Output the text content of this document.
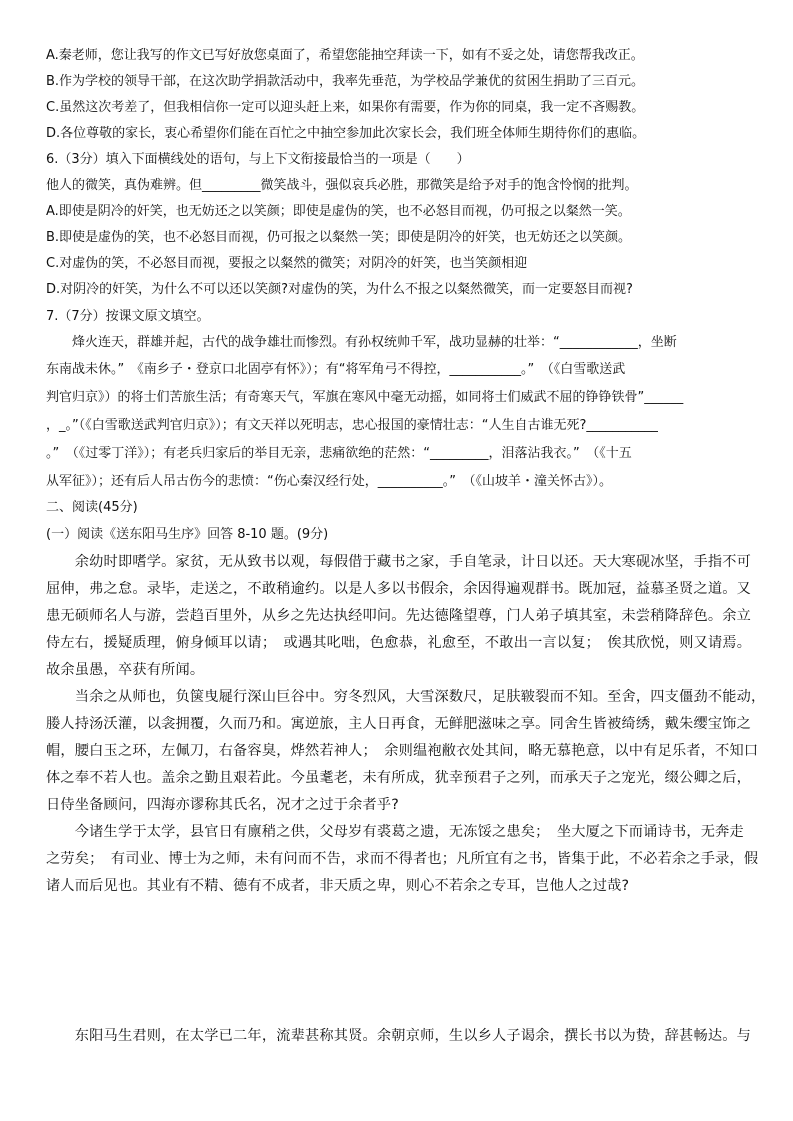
A.秦老师，您让我写的作文已写好放您桌面了，希望您能抽空拜读一下，如有不妥之处，请您帮我改正。
B.作为学校的领导干部，在这次助学捐款活动中，我率先垂范，为学校品学兼优的贫困生捐助了三百元。
C.虽然这次考差了，但我相信你一定可以迎头赶上来，如果你有需要，作为你的同桌，我一定不吝赐教。
D.各位尊敬的家长，衷心希望你们能在百忙之中抽空参加此次家长会，我们班全体师生期待你们的惠临。
6.（3分）填入下面横线处的语句，与上下文衔接最恰当的一项是（　　）
他人的微笑，真伪难辨。但_________微笑战斗，强似哀兵必胜，那微笑是给予对手的饱含怜悯的批判。
A.即使是阴冷的奸笑，也无妨还之以笑颜；即使是虚伪的笑，也不必怒目而视，仍可报之以粲然一笑。
B.即使是虚伪的笑，也不必怒目而视，仍可报之以粲然一笑；即使是阴冷的奸笑，也无妨还之以笑颜。
C.对虚伪的笑，不必怒目而视，要报之以粲然的微笑；对阴冷的奸笑，也当笑颜相迎
D.对阴冷的奸笑，为什么不可以还以笑颜?对虚伪的笑，为什么不报之以粲然微笑，而一定要怒目而视?
7.（7分）按课文原文填空。
　　烽火连天，群雄并起，古代的战争雄壮而惨烈。有孙权统帅千军，战功显赫的壮举：“____________，坐断
东南战未休。”　《南乡子・登京口北固亭有怀》）；有“将军角弓不得控，___________。”　（《白雪歌送武
判官归京》）的将士们苦旅生活；有奇寒天气，军旗在寒风中毫无动摇，如同将士们威武不屈的铮铮铁骨”______
，_。”（《白雪歌送武判官归京》）；有文天祥以死明志，忠心报国的豪情壮志：“人生自古谁无死?___________
。”　（《过零丁洋》）；有老兵归家后的举目无亲，悲痛欲绝的茫然：“_________，泪落沾我衣。”　（《十五
从军征》）；还有后人吊古伤今的悲愤：“伤心秦汉经行处，__________。”　（《山坡羊・潼关怀古》）。
二、阅读(45分)
(一）阅读《送东阳马生序》回答 8-10 题。(9分)
　　余幼时即嗜学。家贫，无从致书以观，每假借于藏书之家，手自笔录，计日以还。天大寒砚冰坚，手指不可
屈伸，弗之怠。录毕，走送之，不敢稍逾约。以是人多以书假余，余因得遍观群书。既加冠，益慕圣贤之道。又
患无硕师名人与游，尝趋百里外，从乡之先达执经叩问。先达德隆望尊，门人弟子填其室，未尝稍降辞色。余立
侍左右，援疑质理，俯身倾耳以请；　或遇其叱咄，色愈恭，礼愈至，不敢出一言以复；　俟其欣悦，则又请焉。
故余虽愚，卒获有所闻。
　　当余之从师也，负箧曳屣行深山巨谷中。穷冬烈风，大雪深数尺，足肤皲裂而不知。至舍，四支僵劲不能动，
媵人持汤沃灌，以衾拥覆，久而乃和。寓逆旅，主人日再食，无鲜肥滋味之享。同舍生皆被绮绣，戴朱缨宝饰之
帽，腰白玉之环，左佩刀，右备容臭，烨然若神人；　余则缊袍敝衣处其间，略无慕艳意，以中有足乐者，不知口
体之奉不若人也。盖余之勤且艰若此。今虽耄老，未有所成，犹幸预君子之列，而承天子之宠光，缀公卿之后，
日侍坐备顾问，四海亦谬称其氏名，况才之过于余者乎?
　　今诸生学于太学，县官日有廪稍之供，父母岁有裘葛之遗，无冻馁之患矣；　坐大厦之下而诵诗书，无奔走
之劳矣；　有司业、博士为之师，未有问而不告，求而不得者也；凡所宜有之书，皆集于此，不必若余之手录，假
诸人而后见也。其业有不精、德有不成者，非天质之卑，则心不若余之专耳，岂他人之过哉?
　　东阳马生君则，在太学已二年，流辈甚称其贤。余朝京师，生以乡人子谒余，撰长书以为贽，辞甚畅达。与
